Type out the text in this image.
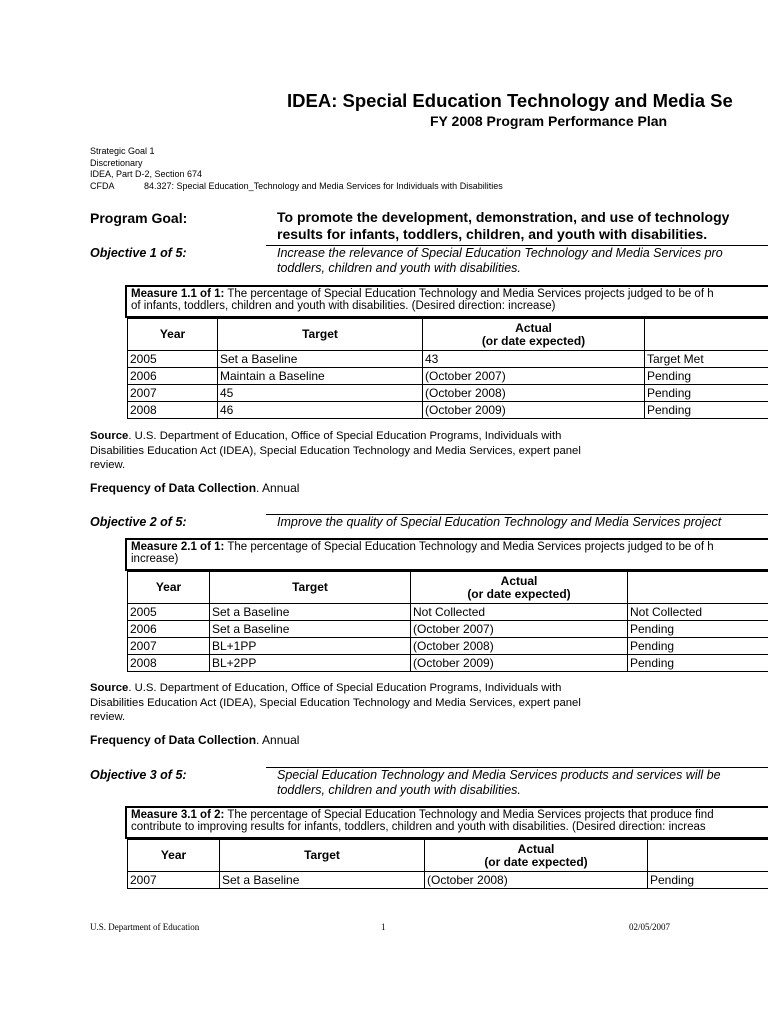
IDEA: Special Education Technology and Media Se
FY 2008 Program Performance Plan
Strategic Goal 1
Discretionary
IDEA, Part D-2, Section 674
CFDA	84.327: Special Education_Technology and Media Services for Individuals with Disabilities
Program Goal:	To promote the development, demonstration, and use of technology
results for infants, toddlers, children, and youth with disabilities.
Objective 1 of 5:	Increase the relevance of Special Education Technology and Media Services pro
toddlers, children and youth with disabilities.
Measure 1.1 of 1: The percentage of Special Education Technology and Media Services projects judged to be of h
of infants, toddlers, children and youth with disabilities. (Desired direction: increase)
Year	Target	Actual
(or date expected)	

2005	Set a Baseline	43	Target Met
2006	Maintain a Baseline	(October 2007)	Pending
2007	45	(October 2008)	Pending
2008	46	(October 2009)	Pending
Source. U.S. Department of Education, Office of Special Education Programs, Individuals with
Disabilities Education Act (IDEA), Special Education Technology and Media Services, expert panel
review.
Frequency of Data Collection. Annual
Objective 2 of 5:	Improve the quality of Special Education Technology and Media Services project
Measure 2.1 of 1: The percentage of Special Education Technology and Media Services projects judged to be of h
increase)
Year	Target	Actual
(or date expected)	

2005	Set a Baseline	Not Collected	Not Collected
2006	Set a Baseline	(October 2007)	Pending
2007	BL+1PP	(October 2008)	Pending
2008	BL+2PP	(October 2009)	Pending
Source. U.S. Department of Education, Office of Special Education Programs, Individuals with
Disabilities Education Act (IDEA), Special Education Technology and Media Services, expert panel
review.
Frequency of Data Collection. Annual
Objective 3 of 5:	Special Education Technology and Media Services products and services will be
toddlers, children and youth with disabilities.
Measure 3.1 of 2: The percentage of Special Education Technology and Media Services projects that produce find
contribute to improving results for infants, toddlers, children and youth with disabilities. (Desired direction: increas
Year	Target	Actual
(or date expected)	

2007	Set a Baseline	(October 2008)	Pending
U.S. Department of Education	1	02/05/2007
